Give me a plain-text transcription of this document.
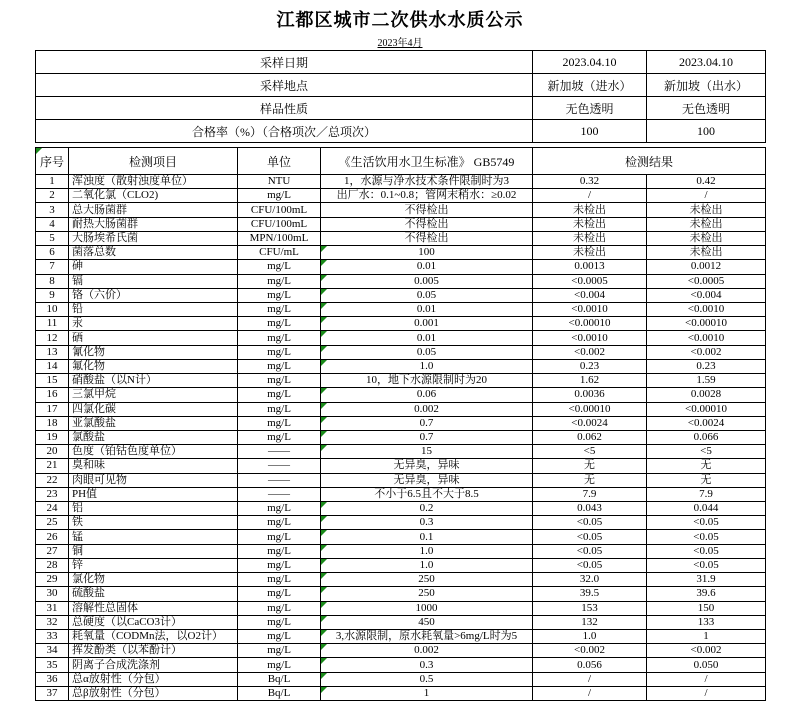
江都区城市二次供水水质公示
2023年4月
采样日期	2023.04.10	2023.04.10
采样地点	新加坡（进水）	新加坡（出水）
样品性质	无色透明	无色透明
合格率（%）（合格项次／总项次）	100	100
序号	检测项目	单位	《生活饮用水卫生标准》 GB5749	检测结果	
1	浑浊度（散射浊度单位）	NTU	1，水源与净水技术条件限制时为3	0.32	0.42
2	二氧化氯（CLO2)	mg/L	出厂水：0.1~0.8；管网末稍水：≥0.02	/	/
3	总大肠菌群	CFU/100mL	不得检出	未检出	未检出
4	耐热大肠菌群	CFU/100mL	不得检出	未检出	未检出
5	大肠埃希氏菌	MPN/100mL	不得检出	未检出	未检出
6	菌落总数	CFU/mL	100	未检出	未检出
7	砷	mg/L	0.01	0.0013	0.0012
8	镉	mg/L	0.005	<0.0005	<0.0005
9	铬（六价）	mg/L	0.05	<0.004	<0.004
10	铅	mg/L	0.01	<0.0010	<0.0010
11	汞	mg/L	0.001	<0.00010	<0.00010
12	硒	mg/L	0.01	<0.0010	<0.0010
13	氰化物	mg/L	0.05	<0.002	<0.002
14	氟化物	mg/L	1.0	0.23	0.23
15	硝酸盐（以N计）	mg/L	10，地下水源限制时为20	1.62	1.59
16	三氯甲烷	mg/L	0.06	0.0036	0.0028
17	四氯化碳	mg/L	0.002	<0.00010	<0.00010
18	亚氯酸盐	mg/L	0.7	<0.0024	<0.0024
19	氯酸盐	mg/L	0.7	0.062	0.066
20	色度（铂钴色度单位）	——	15	<5	<5
21	臭和味	——	无异臭，异味	无	无
22	肉眼可见物	——	无异臭，异味	无	无
23	PH值	——	不小于6.5且不大于8.5	7.9	7.9
24	铝	mg/L	0.2	0.043	0.044
25	铁	mg/L	0.3	<0.05	<0.05
26	锰	mg/L	0.1	<0.05	<0.05
27	铜	mg/L	1.0	<0.05	<0.05
28	锌	mg/L	1.0	<0.05	<0.05
29	氯化物	mg/L	250	32.0	31.9
30	硫酸盐	mg/L	250	39.5	39.6
31	溶解性总固体	mg/L	1000	153	150
32	总硬度（以CaCO3计）	mg/L	450	132	133
33	耗氧量（CODMn法，以O2计）	mg/L	3,水源限制，原水耗氧量>6mg/L时为5	1.0	1
34	挥发酚类（以苯酚计）	mg/L	0.002	<0.002	<0.002
35	阴离子合成洗涤剂	mg/L	0.3	0.056	0.050
36	总α放射性（分包）	Bq/L	0.5	/	/
37	总β放射性（分包）	Bq/L	1	/	/
